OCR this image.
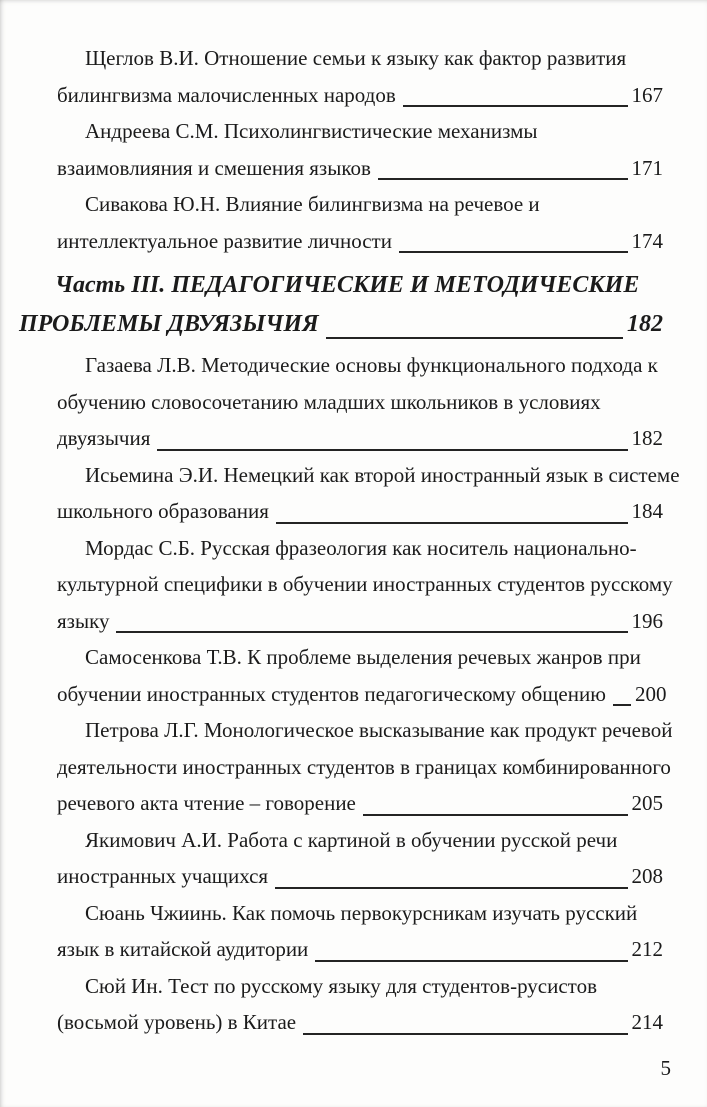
Щеглов В.И. Отношение семьи к языку как фактор развития
билингвизма малочисленных народов	167
Андреева С.М. Психолингвистические механизмы
взаимовлияния и смешения языков	171
Сивакова Ю.Н. Влияние билингвизма на речевое и
интеллектуальное развитие личности	174
Часть III. ПЕДАГОГИЧЕСКИЕ И МЕТОДИЧЕСКИЕ
ПРОБЛЕМЫ ДВУЯЗЫЧИЯ	182
Газаева Л.В. Методические основы функционального подхода к
обучению словосочетанию младших школьников в условиях
двуязычия	182
Исьемина Э.И. Немецкий как второй иностранный язык в системе
школьного образования	184
Мордас С.Б. Русская фразеология как носитель национально-
культурной специфики в обучении иностранных студентов русскому
языку	196
Самосенкова Т.В. К проблеме выделения речевых жанров при
обучении иностранных студентов педагогическому общению 200
Петрова Л.Г. Монологическое высказывание как продукт речевой
деятельности иностранных студентов в границах комбинированного
речевого акта чтение – говорение	205
Якимович А.И. Работа с картиной в обучении русской речи
иностранных учащихся	208
Сюань Чжиинь. Как помочь первокурсникам изучать русский
язык в китайской аудитории	212
Сюй Ин. Тест по русскому языку для студентов-русистов
(восьмой уровень) в Китае	214
5
